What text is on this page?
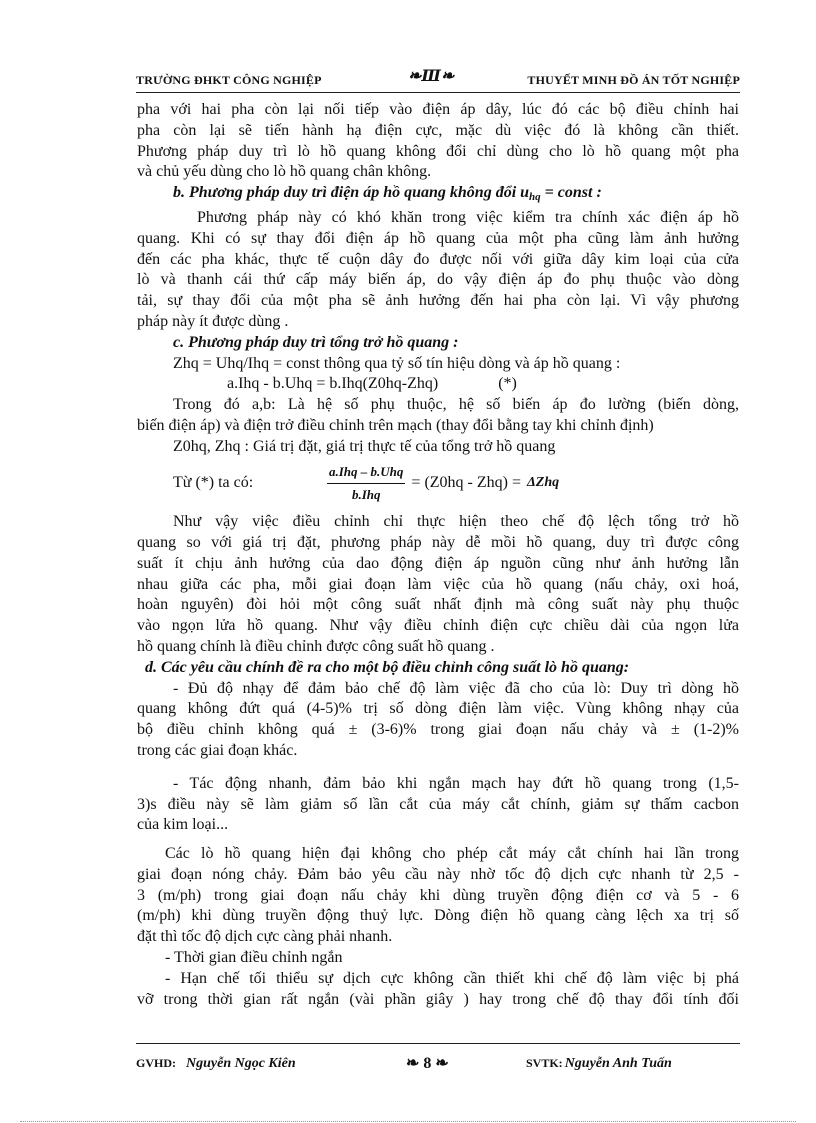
TRƯỜNG ĐHKT CÔNG NGHIỆP	❧Ⅲ❧	THUYẾT MINH ĐỒ ÁN TỐT NGHIỆP

pha với hai pha còn lại nối tiếp vào điện áp dây, lúc đó các bộ điều chỉnh hai

pha còn lại sẽ tiến hành hạ điện cực, mặc dù việc đó là không cần thiết.

Phương pháp duy trì lò hồ quang không đổi chỉ dùng cho lò hồ quang một pha

và chủ yếu dùng cho lò hồ quang chân không.

b. Phương pháp duy trì điện áp hồ quang không đổi uhq = const :

Phương pháp này có khó khăn trong việc kiểm tra chính xác điện áp hồ

quang. Khi có sự thay đổi điện áp hồ quang của một pha cũng làm ảnh hưởng

đến các pha khác, thực tế cuộn dây đo được nối với giữa dây kim loại của cửa

lò và thanh cái thứ cấp máy biến áp, do vậy điện áp đo phụ thuộc vào dòng

tải, sự thay đổi của một pha sẽ ảnh hưởng đến hai pha còn lại. Vì vậy phương

pháp này ít được dùng .

c. Phương pháp duy trì tổng trở hồ quang :

Zhq = Uhq/Ihq = const thông qua tỷ số tín hiệu dòng và áp hồ quang :

a.Ihq - b.Uhq = b.Ihq(Z0hq-Zhq)	(*)

Trong đó a,b: Là hệ số phụ thuộc, hệ số biến áp đo lường (biến dòng,

biến điện áp) và điện trở điều chỉnh trên mạch (thay đổi bằng tay khi chỉnh định)

Z0hq, Zhq : Giá trị đặt, giá trị thực tế của tổng trở hồ quang

Từ (*) ta có:	$\frac{\text{a.Ihq – b.Uhq}}{\text{b.Ihq}} = (Z0hq - Zhq) = \Delta Zhq$

Như vậy việc điều chỉnh chỉ thực hiện theo chế độ lệch tổng trở hồ

quang so với giá trị đặt, phương pháp này dễ mồi hồ quang, duy trì được công

suất ít chịu ảnh hưởng của dao động điện áp nguồn cũng như ảnh hưởng lẫn

nhau giữa các pha, mỗi giai đoạn làm việc của hồ quang (nấu chảy, oxi hoá,

hoàn nguyên) đòi hỏi một công suất nhất định mà công suất này phụ thuộc

vào ngọn lửa hồ quang. Như vậy điều chỉnh điện cực chiều dài của ngọn lửa

hồ quang chính là điều chỉnh được công suất hồ quang .

d. Các yêu cầu chính đề ra cho một bộ điều chỉnh công suất lò hồ quang:

- Đủ độ nhạy để đảm bảo chế độ làm việc đã cho của lò: Duy trì dòng hồ

quang không đứt quá (4-5)% trị số dòng điện làm việc. Vùng không nhạy của

bộ điều chỉnh không quá ± (3-6)% trong giai đoạn nấu chảy và ± (1-2)%

trong các giai đoạn khác.

- Tác động nhanh, đảm bảo khi ngắn mạch hay đứt hồ quang trong (1,5-

3)s điều này sẽ làm giảm số lần cắt của máy cắt chính, giảm sự thấm cacbon

của kim loại...

Các lò hồ quang hiện đại không cho phép cắt máy cắt chính hai lần trong

giai đoạn nóng chảy. Đảm bảo yêu cầu này nhờ tốc độ dịch cực nhanh từ 2,5 -

3 (m/ph) trong giai đoạn nấu chảy khi dùng truyền động điện cơ và 5 - 6

(m/ph) khi dùng truyền động thuỷ lực. Dòng điện hồ quang càng lệch xa trị số

đặt thì tốc độ dịch cực càng phải nhanh.

- Thời gian điều chỉnh ngắn

- Hạn chế tối thiểu sự dịch cực không cần thiết khi chế độ làm việc bị phá

vỡ trong thời gian rất ngắn (vài phần giây ) hay trong chế độ thay đổi tính đối

GVHD: Nguyễn Ngọc Kiên	❧ 8 ❧	SVTK: Nguyễn Anh Tuấn
